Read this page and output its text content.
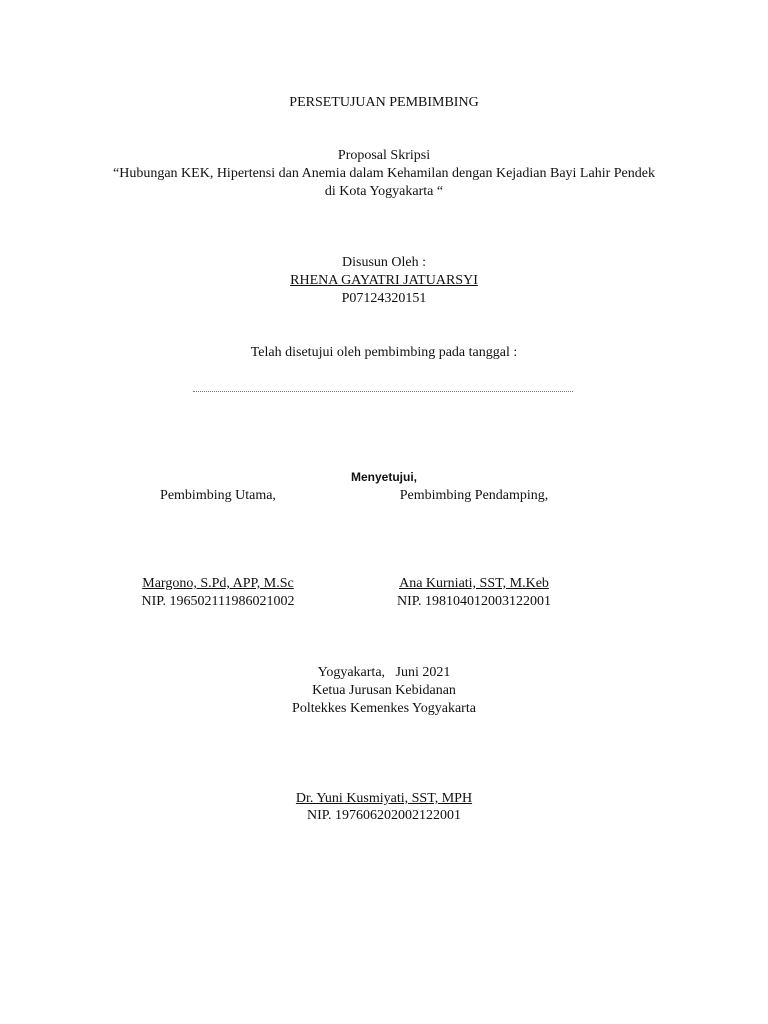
PERSETUJUAN PEMBIMBING
Proposal Skripsi
“Hubungan KEK, Hipertensi dan Anemia dalam Kehamilan dengan Kejadian Bayi Lahir Pendek
di Kota Yogyakarta “
Disusun Oleh :
RHENA GAYATRI JATUARSYI
P07124320151
Telah disetujui oleh pembimbing pada tanggal :
Menyetujui,
Pembimbing Utama,	Pembimbing Pendamping,
Margono, S.Pd, APP, M.Sc	Ana Kurniati, SST, M.Keb
NIP. 196502111986021002	NIP. 198104012003122001
Yogyakarta,   Juni 2021
Ketua Jurusan Kebidanan
Poltekkes Kemenkes Yogyakarta
Dr. Yuni Kusmiyati, SST, MPH
NIP. 197606202002122001
